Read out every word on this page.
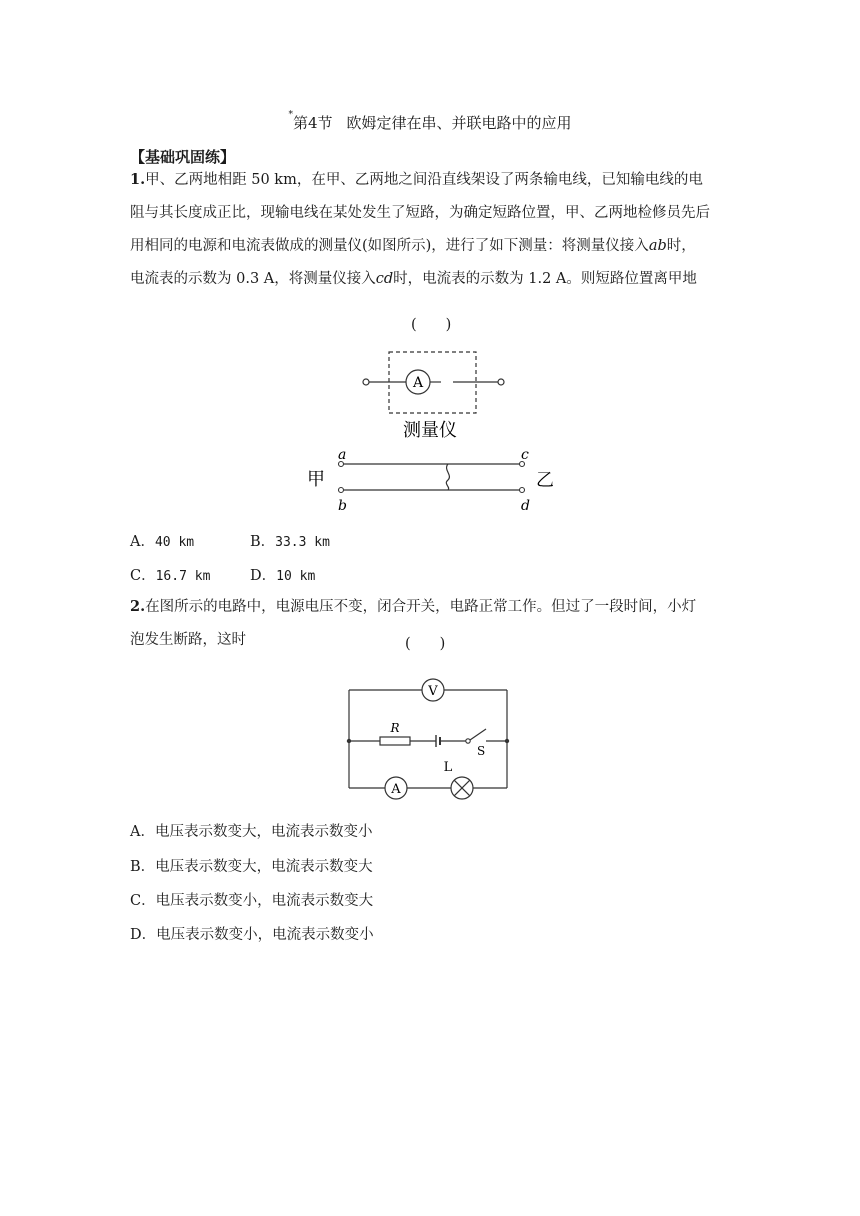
*第4节 欧姆定律在串、并联电路中的应用
【基础巩固练】

1.甲、乙两地相距 50 km，在甲、乙两地之间沿直线架设了两条输电线，已知输电线的电

阻与其长度成正比，现输电线在某处发生了短路，为确定短路位置，甲、乙两地检修员先后

用相同的电源和电流表做成的测量仪(如图所示)，进行了如下测量：将测量仪接入ab时，

电流表的示数为 0.3 A，将测量仪接入cd时，电流表的示数为 1.2 A。则短路位置离甲地

(　　)
A
测量仪
a
b
c
d
甲	乙
A．40 km	B．33.3 km
C．16.7 km	D．10 km

2.在图所示的电路中，电源电压不变，闭合开关，电路正常工作。但过了一段时间，小灯

泡发生断路，这时	(　　)
V
R
S
A
L
A．电压表示数变大，电流表示数变小
B．电压表示数变大，电流表示数变大
C．电压表示数变小，电流表示数变大
D．电压表示数变小，电流表示数变小
